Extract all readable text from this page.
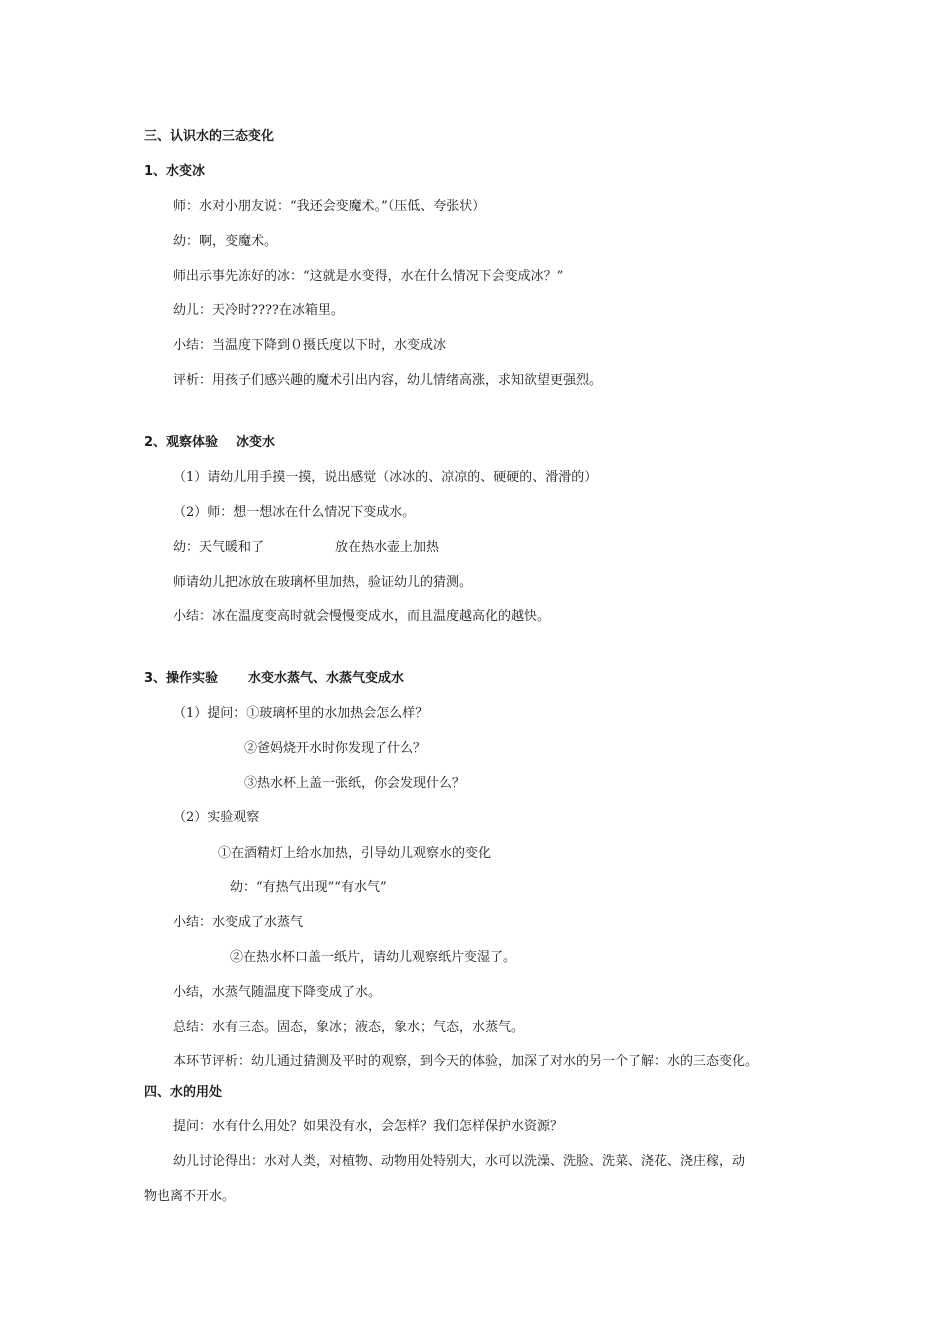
三、认识水的三态变化
1、水变冰
师：水对小朋友说：“我还会变魔术。”（压低、夸张状）
幼：啊，变魔术。
师出示事先冻好的冰：“这就是水变得，水在什么情况下会变成冰？”
幼儿：天冷时????在冰箱里。
小结：当温度下降到０摄氏度以下时，水变成冰
评析：用孩子们感兴趣的魔术引出内容，幼儿情绪高涨，求知欲望更强烈。
2、观察体验 冰变水
（1）请幼儿用手摸一摸，说出感觉（冰冰的、凉凉的、硬硬的、滑滑的）
（2）师：想一想冰在什么情况下变成水。
幼：天气暖和了	放在热水壶上加热
师请幼儿把冰放在玻璃杯里加热，验证幼儿的猜测。
小结：冰在温度变高时就会慢慢变成水，而且温度越高化的越快。
3、操作实验 水变水蒸气、水蒸气变成水
（1）提问：①玻璃杯里的水加热会怎么样？
②爸妈烧开水时你发现了什么？
③热水杯上盖一张纸，你会发现什么？
（2）实验观察
①在酒精灯上给水加热，引导幼儿观察水的变化
幼：“有热气出现”“有水气”
小结：水变成了水蒸气
②在热水杯口盖一纸片，请幼儿观察纸片变湿了。
小结，水蒸气随温度下降变成了水。
总结：水有三态。固态，象冰；液态，象水；气态，水蒸气。
本环节评析：幼儿通过猜测及平时的观察，到今天的体验，加深了对水的另一个了解：水的三态变化。
四、水的用处
提问：水有什么用处？如果没有水，会怎样？我们怎样保护水资源？
幼儿讨论得出：水对人类，对植物、动物用处特别大，水可以洗澡、洗脸、洗菜、浇花、浇庄稼，动
物也离不开水。
